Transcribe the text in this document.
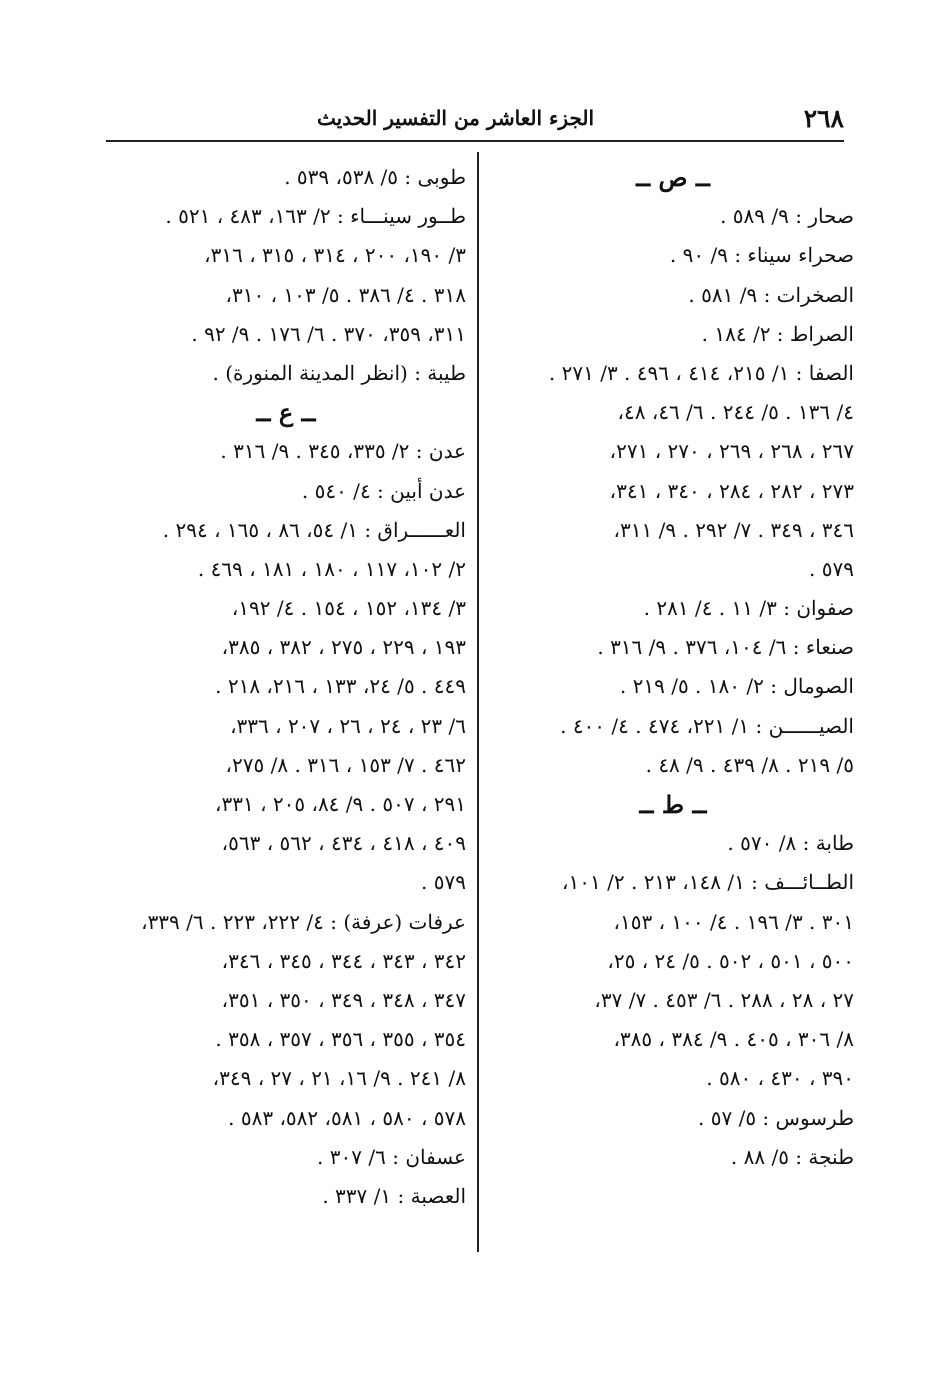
٢٦٨
الجزء العاشر من التفسير الحديث
ــ ص ــ
صحار : ٩/ ٥٨٩ .
صحراء سيناء : ٩/ ٩٠ .
الصخرات : ٩/ ٥٨١ .
الصراط : ٢/ ١٨٤ .
الصفا : ١/ ٢١٥، ٤١٤ ، ٤٩٦ . ٣/ ٢٧١ .
٤/ ١٣٦ . ٥/ ٢٤٤ . ٦/ ٤٦، ٤٨،
٢٦٧ ، ٢٦٨ ، ٢٦٩ ، ٢٧٠ ، ٢٧١،
٢٧٣ ، ٢٨٢ ، ٢٨٤ ، ٣٤٠ ، ٣٤١،
٣٤٦ ، ٣٤٩ . ٧/ ٢٩٢ . ٩/ ٣١١،
٥٧٩ .
صفوان : ٣/ ١١ . ٤/ ٢٨١ .
صنعاء : ٦/ ١٠٤، ٣٧٦ . ٩/ ٣١٦ .
الصومال : ٢/ ١٨٠ . ٥/ ٢١٩ .
الصيــــــن : ١/ ٢٢١، ٤٧٤ . ٤/ ٤٠٠ .
٥/ ٢١٩ . ٨/ ٤٣٩ . ٩/ ٤٨ .
ــ ط ــ
طابة : ٨/ ٥٧٠ .
الطــائـــف : ١/ ١٤٨، ٢١٣ . ٢/ ١٠١،
٣٠١ . ٣/ ١٩٦ . ٤/ ١٠٠ ، ١٥٣،
٥٠٠ ، ٥٠١ ، ٥٠٢ . ٥/ ٢٤ ، ٢٥،
٢٧ ، ٢٨ ، ٢٨٨ . ٦/ ٤٥٣ . ٧/ ٣٧،
٨/ ٣٠٦ ، ٤٠٥ . ٩/ ٣٨٤ ، ٣٨٥،
٣٩٠ ، ٤٣٠ ، ٥٨٠ .
طرسوس : ٥/ ٥٧ .
طنجة : ٥/ ٨٨ .
طوبى : ٥/ ٥٣٨، ٥٣٩ .
طــور سينـــاء : ٢/ ١٦٣، ٤٨٣ ، ٥٢١ .
٣/ ١٩٠، ٢٠٠ ، ٣١٤ ، ٣١٥ ، ٣١٦،
٣١٨ . ٤/ ٣٨٦ . ٥/ ١٠٣ ، ٣١٠،
٣١١، ٣٥٩، ٣٧٠ . ٦/ ١٧٦ . ٩/ ٩٢ .
طيبة : (انظر المدينة المنورة) .
ــ ع ــ
عدن : ٢/ ٣٣٥، ٣٤٥ . ٩/ ٣١٦ .
عدن أبين : ٤/ ٥٤٠ .
العــــــراق : ١/ ٥٤، ٨٦ ، ١٦٥ ، ٢٩٤ .
٢/ ١٠٢، ١١٧ ، ١٨٠ ، ١٨١ ، ٤٦٩ .
٣/ ١٣٤، ١٥٢ ، ١٥٤ . ٤/ ١٩٢،
١٩٣ ، ٢٢٩ ، ٢٧٥ ، ٣٨٢ ، ٣٨٥،
٤٤٩ . ٥/ ٢٤، ١٣٣ ، ٢١٦، ٢١٨ .
٦/ ٢٣ ، ٢٤ ، ٢٦ ، ٢٠٧ ، ٣٣٦،
٤٦٢ . ٧/ ١٥٣ ، ٣١٦ . ٨/ ٢٧٥،
٢٩١ ، ٥٠٧ . ٩/ ٨٤، ٢٠٥ ، ٣٣١،
٤٠٩ ، ٤١٨ ، ٤٣٤ ، ٥٦٢ ، ٥٦٣،
٥٧٩ .
عرفات (عرفة) : ٤/ ٢٢٢، ٢٢٣ . ٦/ ٣٣٩،
٣٤٢ ، ٣٤٣ ، ٣٤٤ ، ٣٤٥ ، ٣٤٦،
٣٤٧ ، ٣٤٨ ، ٣٤٩ ، ٣٥٠ ، ٣٥١،
٣٥٤ ، ٣٥٥ ، ٣٥٦ ، ٣٥٧ ، ٣٥٨ .
٨/ ٢٤١ . ٩/ ١٦، ٢١ ، ٢٧ ، ٣٤٩،
٥٧٨ ، ٥٨٠ ، ٥٨١، ٥٨٢، ٥٨٣ .
عسفان : ٦/ ٣٠٧ .
العصبة : ١/ ٣٣٧ .
